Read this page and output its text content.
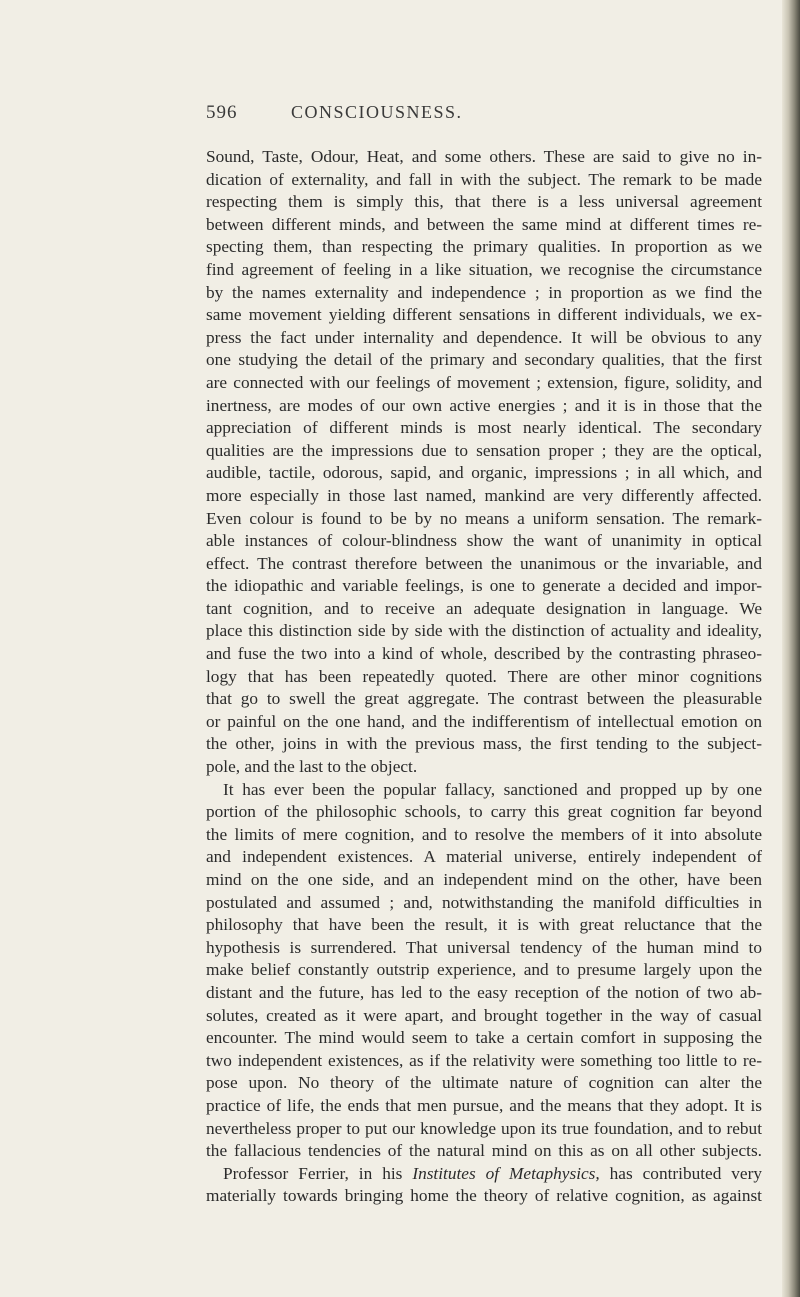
596	CONSCIOUSNESS.
Sound, Taste, Odour, Heat, and some others. These are said to give no in-
dication of externality, and fall in with the subject. The remark to be made
respecting them is simply this, that there is a less universal agreement
between different minds, and between the same mind at different times re-
specting them, than respecting the primary qualities. In proportion as we
find agreement of feeling in a like situation, we recognise the circumstance
by the names externality and independence ; in proportion as we find the
same movement yielding different sensations in different individuals, we ex-
press the fact under internality and dependence. It will be obvious to any
one studying the detail of the primary and secondary qualities, that the first
are connected with our feelings of movement ; extension, figure, solidity, and
inertness, are modes of our own active energies ; and it is in those that the
appreciation of different minds is most nearly identical. The secondary
qualities are the impressions due to sensation proper ; they are the optical,
audible, tactile, odorous, sapid, and organic, impressions ; in all which, and
more especially in those last named, mankind are very differently affected.
Even colour is found to be by no means a uniform sensation. The remark-
able instances of colour-blindness show the want of unanimity in optical
effect. The contrast therefore between the unanimous or the invariable, and
the idiopathic and variable feelings, is one to generate a decided and impor-
tant cognition, and to receive an adequate designation in language. We
place this distinction side by side with the distinction of actuality and ideality,
and fuse the two into a kind of whole, described by the contrasting phraseo-
logy that has been repeatedly quoted. There are other minor cognitions
that go to swell the great aggregate. The contrast between the pleasurable
or painful on the one hand, and the indifferentism of intellectual emotion on
the other, joins in with the previous mass, the first tending to the subject-
pole, and the last to the object.
It has ever been the popular fallacy, sanctioned and propped up by one
portion of the philosophic schools, to carry this great cognition far beyond
the limits of mere cognition, and to resolve the members of it into absolute
and independent existences. A material universe, entirely independent of
mind on the one side, and an independent mind on the other, have been
postulated and assumed ; and, notwithstanding the manifold difficulties in
philosophy that have been the result, it is with great reluctance that the
hypothesis is surrendered. That universal tendency of the human mind to
make belief constantly outstrip experience, and to presume largely upon the
distant and the future, has led to the easy reception of the notion of two ab-
solutes, created as it were apart, and brought together in the way of casual
encounter. The mind would seem to take a certain comfort in supposing the
two independent existences, as if the relativity were something too little to re-
pose upon. No theory of the ultimate nature of cognition can alter the
practice of life, the ends that men pursue, and the means that they adopt. It is
nevertheless proper to put our knowledge upon its true foundation, and to rebut
the fallacious tendencies of the natural mind on this as on all other subjects.
Professor Ferrier, in his Institutes of Metaphysics, has contributed very
materially towards bringing home the theory of relative cognition, as against
